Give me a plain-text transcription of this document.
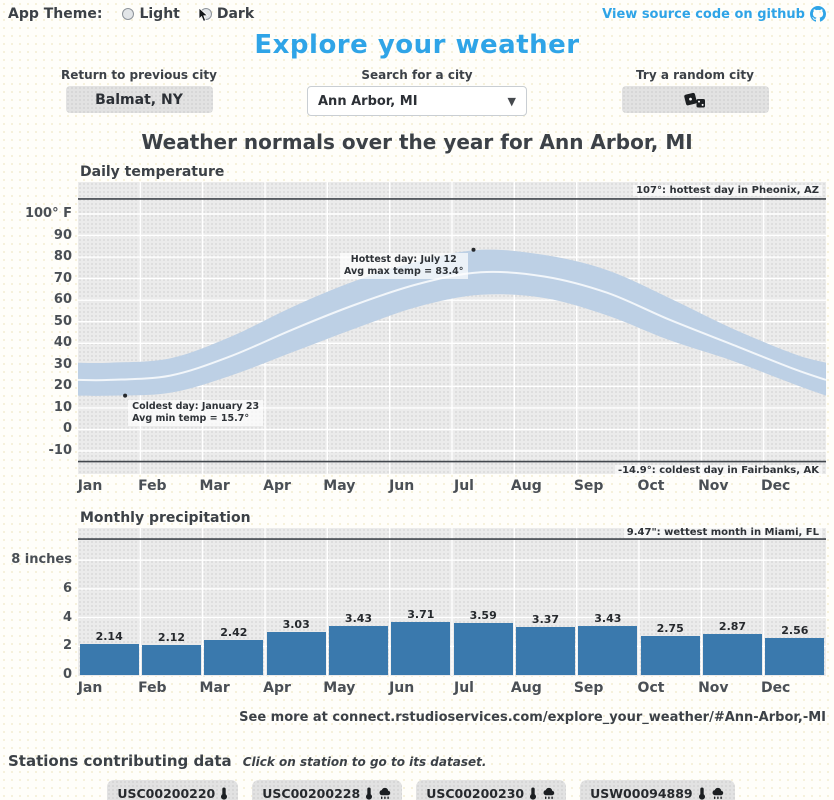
App Theme:	Light	Dark	View source code on github
Explore your weather
Return to previous city
Balmat, NY
Search for a city
Ann Arbor, MI	▼
Try a random city
Weather normals over the year for Ann Arbor, MI
Daily temperature
107°: hottest day in Pheonix, AZ
-14.9°: coldest day in Fairbanks, AK
Hottest day: July 12
Avg max temp = 83.4°
Coldest day: January 23
Avg min temp = 15.7°
100° F
90
80
70
60
50
40
30
20
10
0
-10
Jan	Feb Mar Apr May Jun	Jul	Aug Sep Oct Nov Dec
Monthly precipitation
9.47": wettest month in Miami, FL
2.14	2.12	2.42
3.03	3.43	3.71	3.59	3.37	3.43
2.75	2.87	2.56
8 inches
6
4
2
0
Jan	Feb Mar Apr May Jun	Jul	Aug Sep Oct Nov Dec
See more at connect.rstudioservices.com/explore_your_weather/#Ann-Arbor,-MI
Stations contributing data Click on station to go to its dataset.
USC00200220	USC00200228	USC00200230	USW00094889
